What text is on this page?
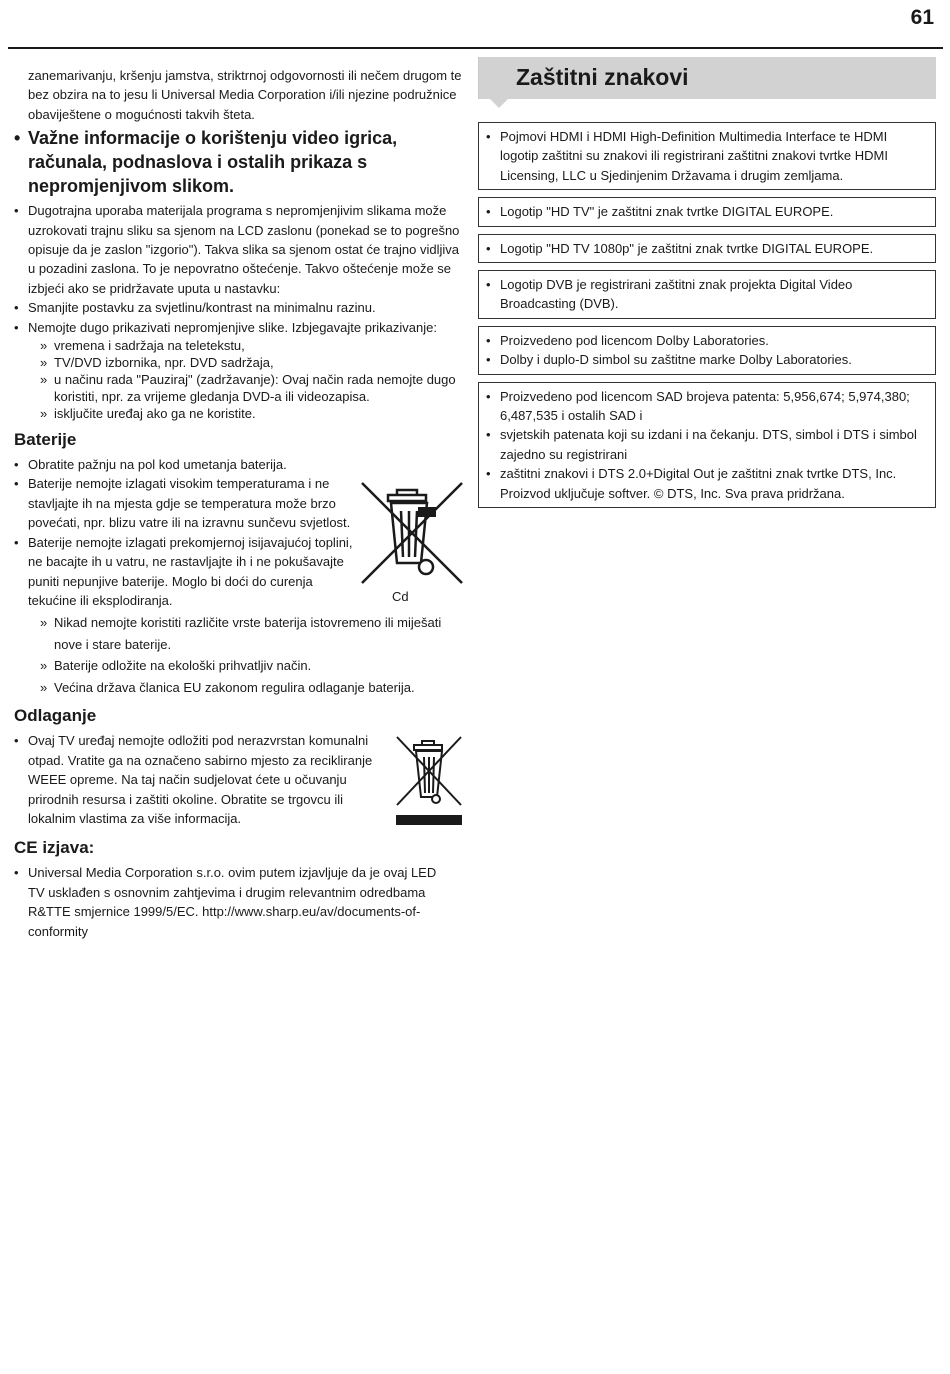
61

zanemarivanju, kršenju jamstva, striktrnoj odgovornosti ili nečem drugom te bez obzira na to jesu li Universal Media Corporation i/ili njezine podružnice obaviještene o mogućnosti takvih šteta.

• Važne informacije o korištenju video igrica, računala, podnaslova i ostalih prikaza s nepromjenjivom slikom.
• Dugotrajna uporaba materijala programa s nepromjenjivim slikama može uzrokovati trajnu sliku sa sjenom na LCD zaslonu (ponekad se to pogrešno opisuje da je zaslon "izgorio"). Takva slika sa sjenom ostat će trajno vidljiva u pozadini zaslona. To je nepovratno oštećenje. Takvo oštećenje može se izbjeći ako se pridržavate uputa u nastavku:
• Smanjite postavku za svjetlinu/kontrast na minimalnu razinu.
• Nemojte dugo prikazivati nepromjenjive slike. Izbjegavajte prikazivanje:
» vremena i sadržaja na teletekstu,
» TV/DVD izbornika, npr. DVD sadržaja,
» u načinu rada "Pauziraj" (zadržavanje): Ovaj način rada nemojte dugo koristiti, npr. za vrijeme gledanja DVD-a ili videozapisa.
» isključite uređaj ako ga ne koristite.
Baterije
• Obratite pažnju na pol kod umetanja baterija.
• Baterije nemojte izlagati visokim temperaturama i ne stavljajte ih na mjesta gdje se temperatura može brzo povećati, npr. blizu vatre ili na izravnu sunčevu svjetlost.
• Baterije nemojte izlagati prekomjernoj isijavajućoj toplini, ne bacajte ih u vatru, ne rastavljajte ih i ne pokušavajte puniti nepunjive baterije. Moglo bi doći do curenja tekućine ili eksplodiranja.	Cd
» Nikad nemojte koristiti različite vrste baterija istovremeno ili miješati nove i stare baterije.
» Baterije odložite na ekološki prihvatljiv način.
» Većina država članica EU zakonom regulira odlaganje baterija.
Odlaganje
• Ovaj TV uređaj nemojte odložiti pod nerazvrstan komunalni otpad. Vratite ga na označeno sabirno mjesto za recikliranje WEEE opreme. Na taj način sudjelovat ćete u očuvanju prirodnih resursa i zaštiti okoline. Obratite se trgovcu ili lokalnim vlastima za više informacija.
CE izjava:
• Universal Media Corporation s.r.o. ovim putem izjavljuje da je ovaj LED TV usklađen s osnovnim zahtjevima i drugim relevantnim odredbama R&TTE smjernice 1999/5/EC. http://www.sharp.eu/av/documents-of-conformity
Zaštitni znakovi
• Pojmovi HDMI i HDMI High-Definition Multimedia Interface te HDMI logotip zaštitni su znakovi ili registrirani zaštitni znakovi tvrtke HDMI Licensing, LLC u Sjedinjenim Državama i drugim zemljama.
• Logotip "HD TV" je zaštitni znak tvrtke DIGITAL EUROPE.
• Logotip "HD TV 1080p" je zaštitni znak tvrtke DIGITAL EUROPE.
• Logotip DVB je registrirani zaštitni znak projekta Digital Video Broadcasting (DVB).
• Proizvedeno pod licencom Dolby Laboratories.
• Dolby i duplo-D simbol su zaštitne marke Dolby Laboratories.
• Proizvedeno pod licencom SAD brojeva patenta: 5,956,674; 5,974,380; 6,487,535 i ostalih SAD i
• svjetskih patenata koji su izdani i na čekanju. DTS, simbol i DTS i simbol zajedno su registrirani
• zaštitni znakovi i DTS 2.0+Digital Out je zaštitni znak tvrtke DTS, Inc. Proizvod uključuje softver. © DTS, Inc. Sva prava pridržana.
